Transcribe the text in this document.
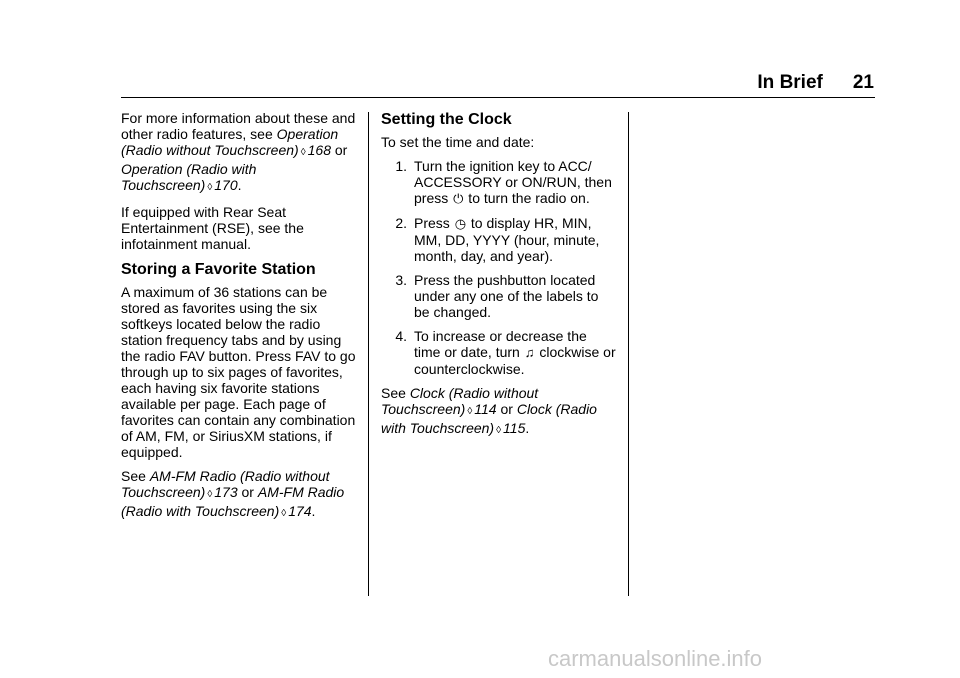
In Brief 21

For more information about these and other radio features, see Operation (Radio without Touchscreen) ◊ 168 or Operation (Radio with Touchscreen) ◊ 170.

If equipped with Rear Seat Entertainment (RSE), see the infotainment manual.

Storing a Favorite Station

A maximum of 36 stations can be stored as favorites using the six softkeys located below the radio station frequency tabs and by using the radio FAV button. Press FAV to go through up to six pages of favorites, each having six favorite stations available per page. Each page of favorites can contain any combination of AM, FM, or SiriusXM stations, if equipped.

See AM-FM Radio (Radio without Touchscreen) ◊ 173 or AM-FM Radio (Radio with Touchscreen) ◊ 174.

Setting the Clock

To set the time and date:

1. Turn the ignition key to ACC/ ACCESSORY or ON/RUN, then press ⏻ to turn the radio on.
2. Press ◷ to display HR, MIN, MM, DD, YYYY (hour, minute, month, day, and year).
3. Press the pushbutton located under any one of the labels to be changed.
4. To increase or decrease the time or date, turn ♫ clockwise or counterclockwise.

See Clock (Radio without Touchscreen) ◊ 114 or Clock (Radio with Touchscreen) ◊ 115.

carmanualsonline.info
